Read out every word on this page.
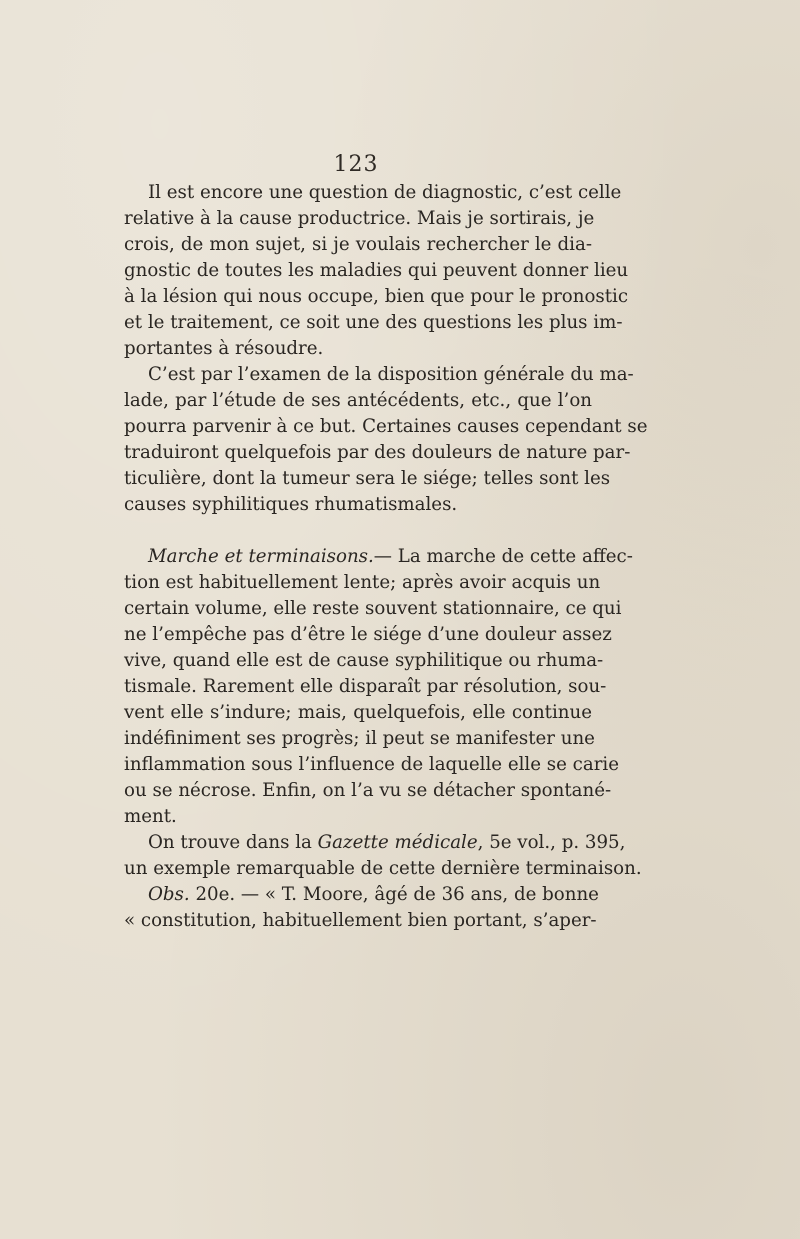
123
Il est encore une question de diagnostic, c’est celle
relative à la cause productrice. Mais je sortirais, je
crois, de mon sujet, si je voulais rechercher le dia-
gnostic de toutes les maladies qui peuvent donner lieu
à la lésion qui nous occupe, bien que pour le pronostic
et le traitement, ce soit une des questions les plus im-
portantes à résoudre.
C’est par l’examen de la disposition générale du ma-
lade, par l’étude de ses antécédents, etc., que l’on
pourra parvenir à ce but. Certaines causes cependant se
traduiront quelquefois par des douleurs de nature par-
ticulière, dont la tumeur sera le siége; telles sont les
causes syphilitiques rhumatismales.
Marche et terminaisons.— La marche de cette affec-
tion est habituellement lente; après avoir acquis un
certain volume, elle reste souvent stationnaire, ce qui
ne l’empêche pas d’être le siége d’une douleur assez
vive, quand elle est de cause syphilitique ou rhuma-
tismale. Rarement elle disparaît par résolution, sou-
vent elle s’indure; mais, quelquefois, elle continue
indéfiniment ses progrès; il peut se manifester une
inflammation sous l’influence de laquelle elle se carie
ou se nécrose. Enfin, on l’a vu se détacher spontané-
ment.
On trouve dans la Gazette médicale, 5e vol., p. 395,
un exemple remarquable de cette dernière terminaison.
Obs. 20e. — « T. Moore, âgé de 36 ans, de bonne
« constitution, habituellement bien portant, s’aper-
